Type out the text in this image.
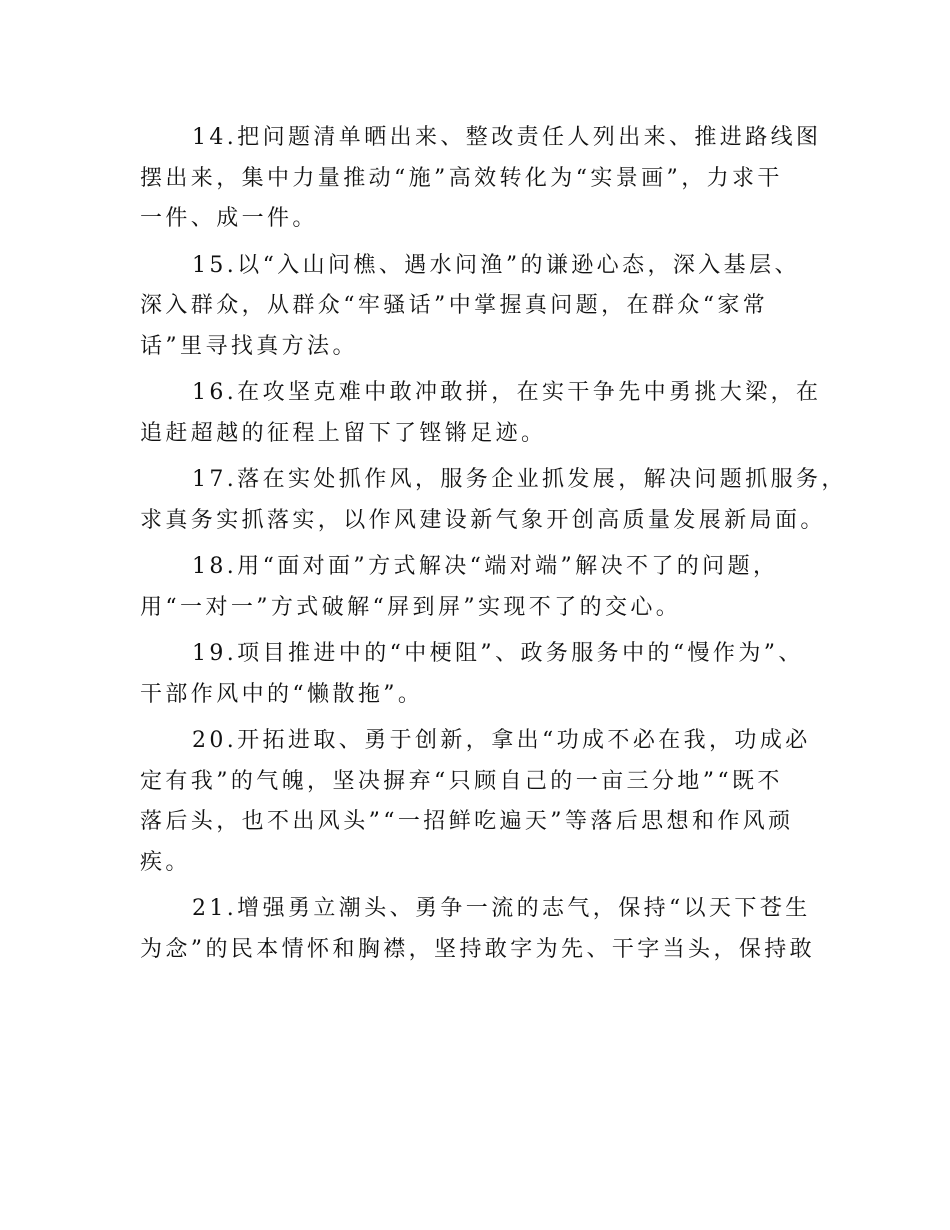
14.把问题清单晒出来、整改责任人列出来、推进路线图
摆出来，集中力量推动“施”高效转化为“实景画”，力求干
一件、成一件。

15.以“入山问樵、遇水问渔”的谦逊心态，深入基层、
深入群众，从群众“牢骚话”中掌握真问题，在群众“家常
话”里寻找真方法。

16.在攻坚克难中敢冲敢拼，在实干争先中勇挑大梁，在
追赶超越的征程上留下了铿锵足迹。

17.落在实处抓作风，服务企业抓发展，解决问题抓服务，
求真务实抓落实，以作风建设新气象开创高质量发展新局面。

18.用“面对面”方式解决“端对端”解决不了的问题，
用“一对一”方式破解“屏到屏”实现不了的交心。

19.项目推进中的“中梗阻”、政务服务中的“慢作为”、
干部作风中的“懒散拖”。

20.开拓进取、勇于创新，拿出“功成不必在我，功成必
定有我”的气魄，坚决摒弃“只顾自己的一亩三分地”“既不
落后头，也不出风头”“一招鲜吃遍天”等落后思想和作风顽
疾。

21.增强勇立潮头、勇争一流的志气，保持“以天下苍生
为念”的民本情怀和胸襟，坚持敢字为先、干字当头，保持敢
